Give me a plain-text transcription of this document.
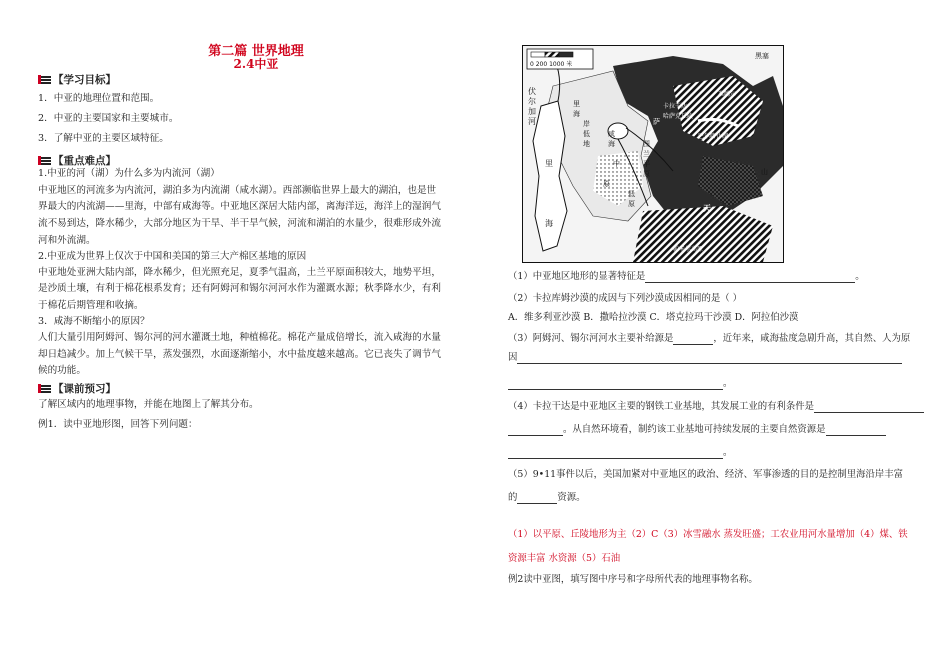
第二篇 世界地理
2.4中亚
【学习目标】
1．中亚的地理位置和范围。
2．中亚的主要国家和主要城市。
3．了解中亚的主要区域特征。
【重点难点】
1.中亚的河（湖）为什么多为内流河（湖）
中亚地区的河流多为内流河，湖泊多为内流湖（咸水湖）。西部濒临世界上最大的湖泊，也是世
界最大的内流湖——里海，中部有咸海等。中亚地区深居大陆内部，离海洋远，海洋上的湿润气
流不易到达，降水稀少，大部分地区为干旱、半干旱气候，河流和湖泊的水量少，很难形成外流
河和外流湖。
2.中亚成为世界上仅次于中国和美国的第三大产棉区基地的原因
中亚地处亚洲大陆内部，降水稀少，但光照充足，夏季气温高，土兰平原面积较大，地势平坦，
是沙质土壤，有利于棉花根系发育；还有阿姆河和锡尔河河水作为灌溉水源；秋季降水少，有利
于棉花后期管理和收摘。
3．咸海不断缩小的原因？
人们大量引用阿姆河、锡尔河的河水灌溉土地，种植棉花。棉花产量成倍增长，流入咸海的水量
却日趋减少。加上气候干旱，蒸发强烈，水面逐渐缩小，水中盐度越来越高。它已丧失了调节气
候的功能。
【课前预习】
了解区域内的地理事物，并能在地图上了解其分布。
例1．读中亚地形图，回答下列问题：
0 200 1000 米
伏
尔
加
河
里
海
咸
海	图
兰
平
原
卡拉干达
哈萨克丘陵
巴尔喀什湖
山
中
萨
原
里
海
岸
低
地
低
原	天
帕米尔高原
黑塞
准噶尔
（1）中亚地区地形的显著特征是	。
（2）卡拉库姆沙漠的成因与下列沙漠成因相同的是（ ）
A．维多利亚沙漠 B．撒哈拉沙漠 C．塔克拉玛干沙漠 D．阿拉伯沙漠
（3）阿姆河、锡尔河河水主要补给源是	，近年来，咸海盐度急剧升高，其自然、人为原
因
。
（4）卡拉干达是中亚地区主要的钢铁工业基地，其发展工业的有利条件是
。从自然环境看，制约该工业基地可持续发展的主要自然资源是
。
（5）9•11事件以后，美国加紧对中亚地区的政治、经济、军事渗透的目的是控制里海沿岸丰富
的	资源。
（1）以平原、丘陵地形为主（2）C（3）冰雪融水 蒸发旺盛；工农业用河水量增加（4）煤、铁
资源丰富 水资源（5）石油
例2读中亚图，填写图中序号和字母所代表的地理事物名称。
